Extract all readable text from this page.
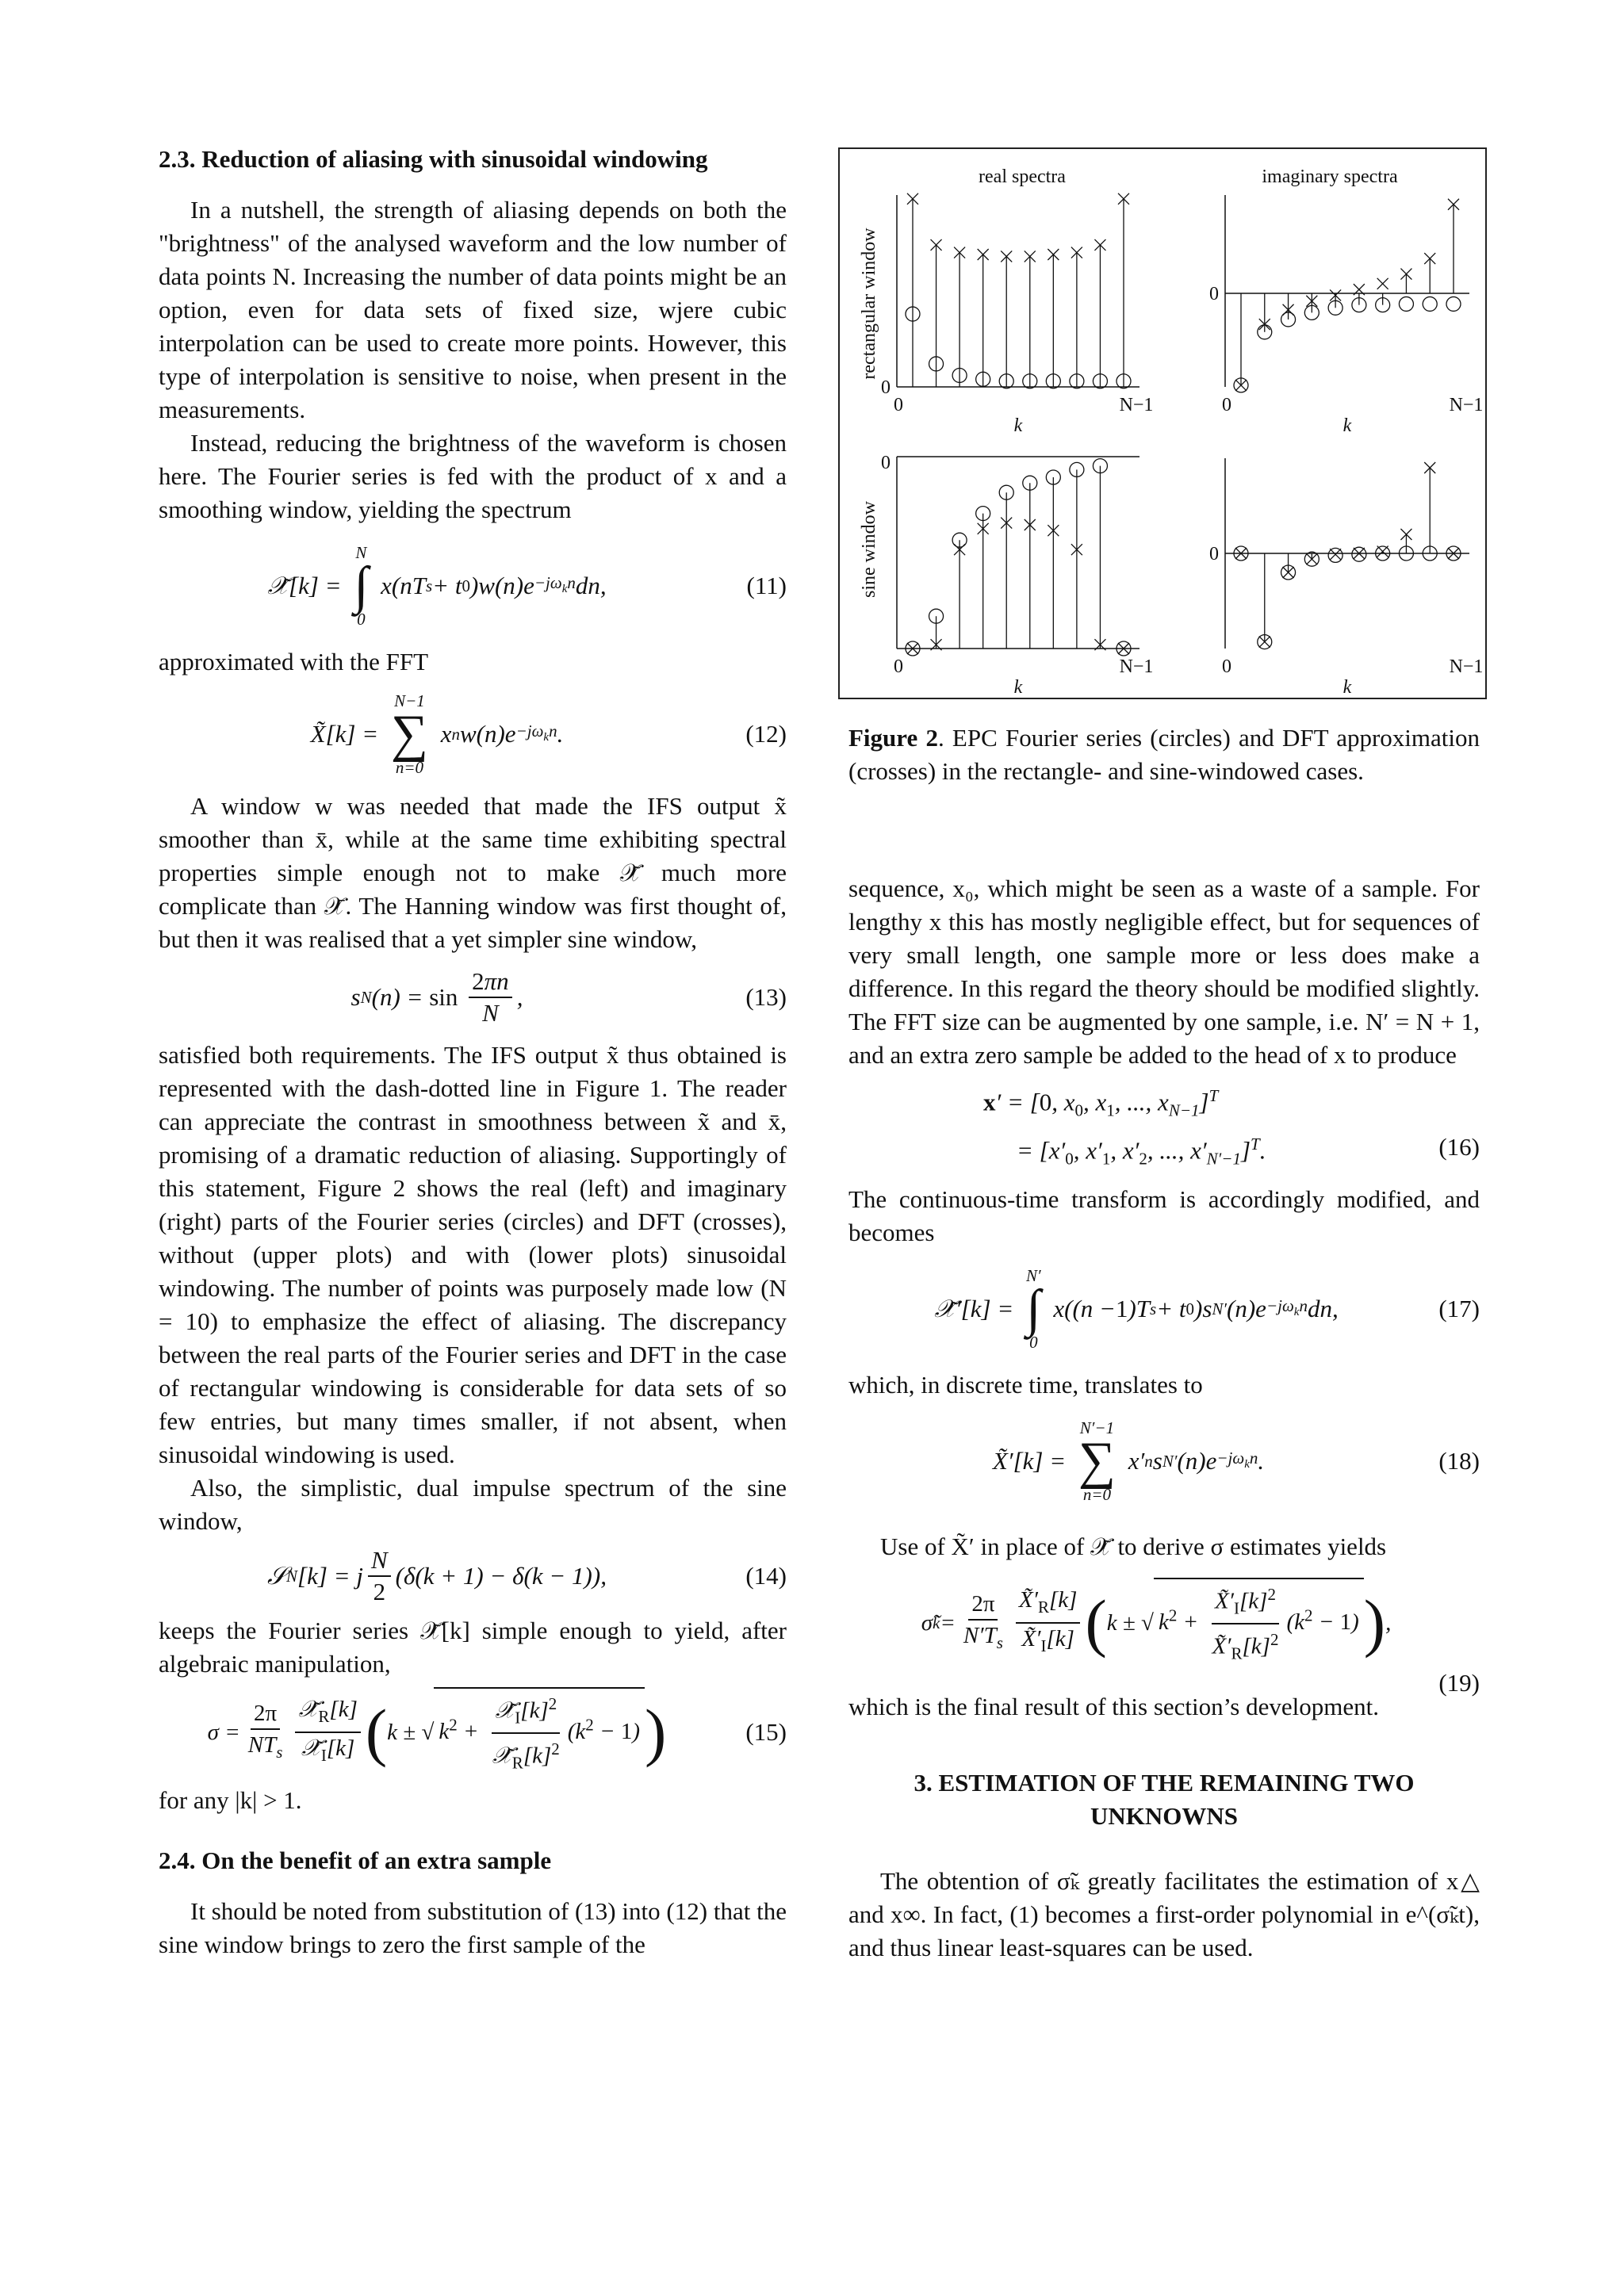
2.3. Reduction of aliasing with sinusoidal windowing

In a nutshell, the strength of aliasing depends on both the "brightness" of the analysed waveform and the low number of data points N. Increasing the number of data points might be an option, even for data sets of fixed size, wjere cubic interpolation can be used to create more points. However, this type of interpolation is sensitive to noise, when present in the measurements.

Instead, reducing the brightness of the waveform is chosen here. The Fourier series is fed with the product of x and a smoothing window, yielding the spectrum

𝒳̃[k] =
N
∫
0
x(nT s + t 0 )$w(n)e -j\omega_kn$ dn,	(11)

approximated with the FFT

X̃[k] =
N−1
∑
n=0
x n $w(n)e -j\omega_kn$ .	(12)

A window w was needed that made the IFS output x̃ smoother than x̄, while at the same time exhibiting spectral properties simple enough not to make 𝒳̃ much more complicate than 𝒳̄. The Hanning window was first thought of, but then it was realised that a yet simpler sine window,

s N $(n) = \sin \frac{2\pi n}{N}$ ,	(13)

satisfied both requirements. The IFS output x̃ thus obtained is represented with the dash-dotted line in Figure 1. The reader can appreciate the contrast in smoothness between x̃ and x̄, promising of a dramatic reduction of aliasing. Supportingly of this statement, Figure 2 shows the real (left) and imaginary (right) parts of the Fourier series (circles) and DFT (crosses), without (upper plots) and with (lower plots) sinusoidal windowing. The number of points was purposely made low (N = 10) to emphasize the effect of aliasing. The discrepancy between the real parts of the Fourier series and DFT in the case of rectangular windowing is considerable for data sets of so few entries, but many times smaller, if not absent, when sinusoidal windowing is used.

Also, the simplistic, dual impulse spectrum of the sine window,

𝒮 N [k] = j $\frac{N}{2} (\delta(k + 1) - \delta(k - 1))$,	(14)

keeps the Fourier series 𝒳̃[k] simple enough to yield, after algebraic manipulation,

$\sigma = \frac{2\pi}{NT_s} \frac{𝒳̃_R[k]}{𝒳̃_I[k]}$ ( k ± √ $k^2 + \frac{𝒳̃_I[k]^2}{𝒳̃_R[k]^2} (k^2 - 1)$ )	(15)

for any |k| > 1.

2.4. On the benefit of an extra sample

It should be noted from substitution of (13) into (12) that the sine window brings to zero the first sample of the

real spectra	imaginary spectra
rectangular window
sine window
0	N−1
k
0
0	N−1
k
0
0	N−1
k
0
0	N−1
k
0
Figure 2. EPC Fourier series (circles) and DFT approximation (crosses) in the rectangle- and sine-windowed cases.

sequence, x₀, which might be seen as a waste of a sample. For lengthy x this has mostly negligible effect, but for sequences of very small length, one sample more or less does make a difference. In this regard the theory should be modified slightly. The FFT size can be augmented by one sample, i.e. N′ = N + 1, and an extra zero sample be added to the head of x to produce

x′ = [0, $x_0$, $x_1$, ..., $x_{N-1}]^T$
= [$x'_0$, $x'_1$, $x'_2$, ..., $x'_{N'-1}]^T$.	(16)

The continuous-time transform is accordingly modified, and becomes

𝒳̃′[k] =
N′
∫
0
x((n − 1 )T s + t 0 )s N′ $(n)e -j\omega_kn$ dn,	(17)

which, in discrete time, translates to

X̃′[k] =
N′−1
∑
n=0
x′ n s N′ $(n)e -j\omega_kn$ .	(18)

Use of X̃′ in place of 𝒳̃ to derive σ estimates yields

σ̃ $k = \frac{2\pi}{N'T_s} \frac{X̃'_R[k]}{X̃'_I[k]}$ ( k ± √ $k^2 + \frac{X̃'_I[k]^2}{X̃'_R[k]^2} (k^2 - 1)$ ) ,
(19)

which is the final result of this section’s development.

3. ESTIMATION OF THE REMAINING TWO UNKNOWNS

The obtention of σ̃ₖ greatly facilitates the estimation of x△ and x∞. In fact, (1) becomes a first-order polynomial in e^(σ̃ₖt), and thus linear least-squares can be used.
